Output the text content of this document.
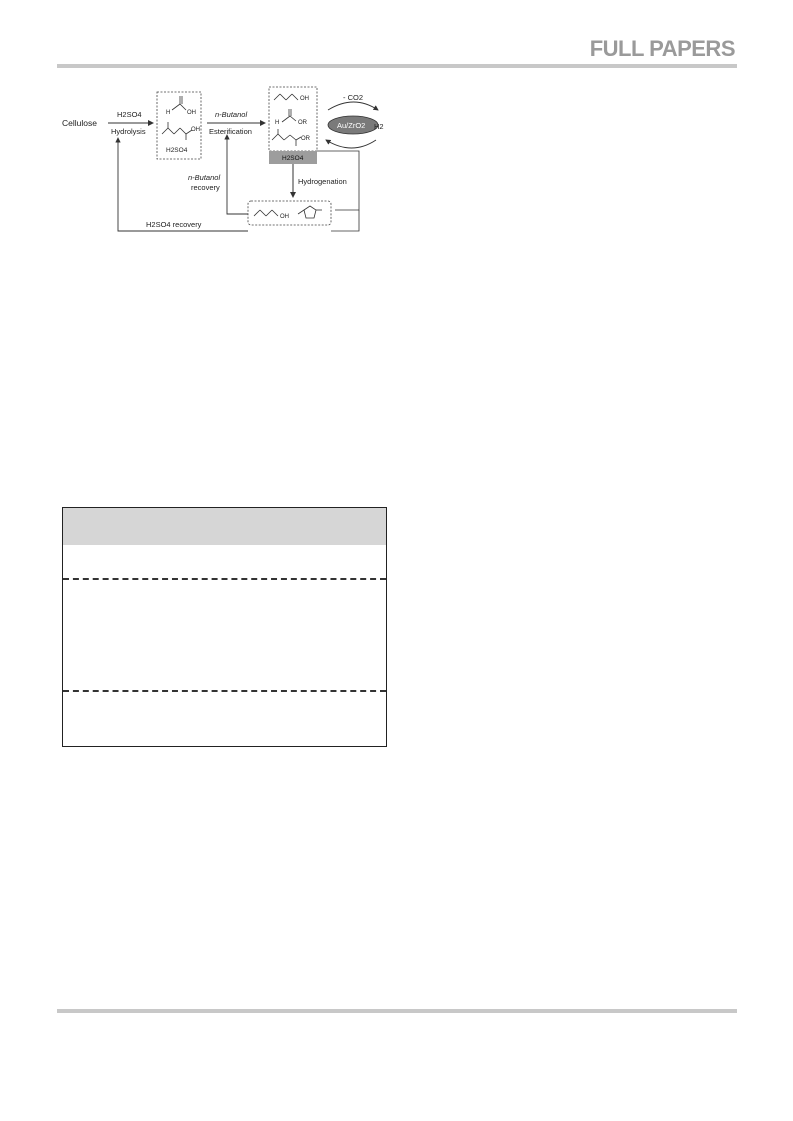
FULL PAPERS
Cellulose
H2SO4
Hydrolysis
H	OH
OH
H2SO4
n-Butanol
Esterification
OH
H	OR
OR
H2SO4
- CO2
Au/ZrO2 H2
Hydrogenation
OH
n-Butanol
recovery
H2SO4 recovery
